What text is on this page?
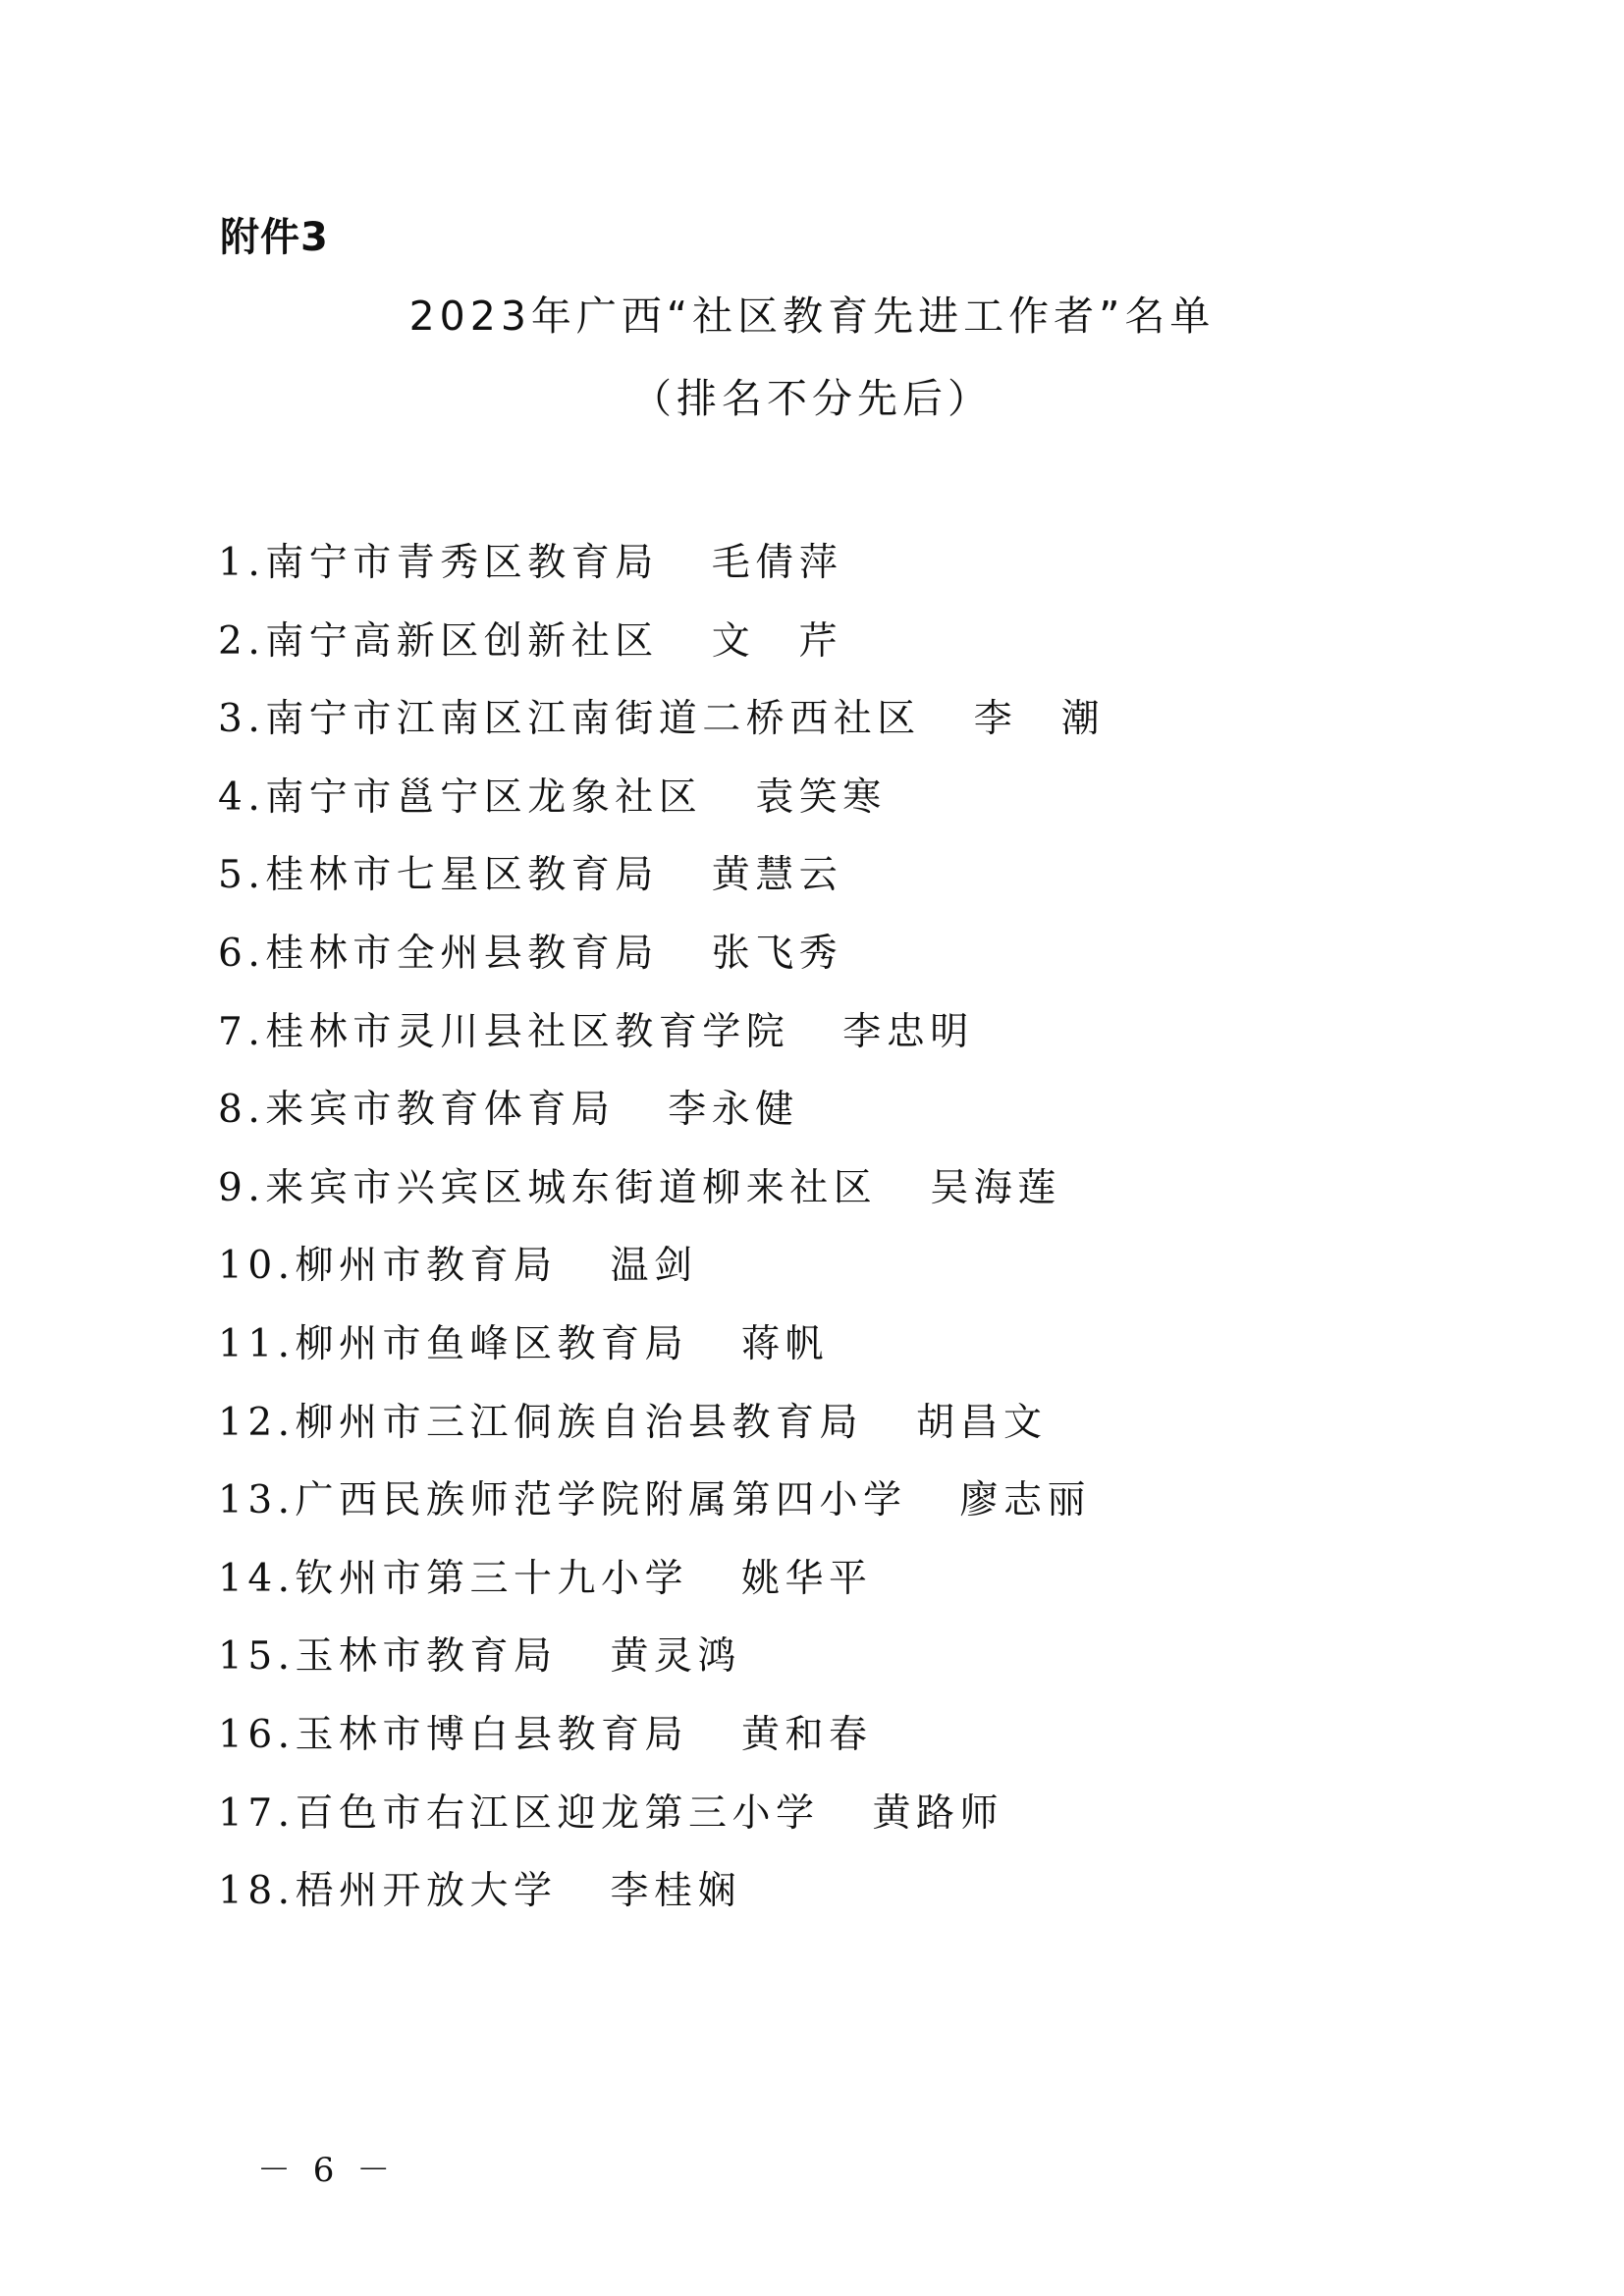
附件3
2023年广西“社区教育先进工作者”名单
（排名不分先后）
1.南宁市青秀区教育局 毛倩萍
2.南宁高新区创新社区 文　芹
3.南宁市江南区江南街道二桥西社区 李　潮
4.南宁市邕宁区龙象社区 袁笑寒
5.桂林市七星区教育局 黄慧云
6.桂林市全州县教育局 张飞秀
7.桂林市灵川县社区教育学院 李忠明
8.来宾市教育体育局 李永健
9.来宾市兴宾区城东街道柳来社区 吴海莲
10.柳州市教育局 温剑
11.柳州市鱼峰区教育局 蒋帆
12.柳州市三江侗族自治县教育局 胡昌文
13.广西民族师范学院附属第四小学 廖志丽
14.钦州市第三十九小学 姚华平
15.玉林市教育局 黄灵鸿
16.玉林市博白县教育局 黄和春
17.百色市右江区迎龙第三小学 黄路师
18.梧州开放大学 李桂娴
－ 6 －
